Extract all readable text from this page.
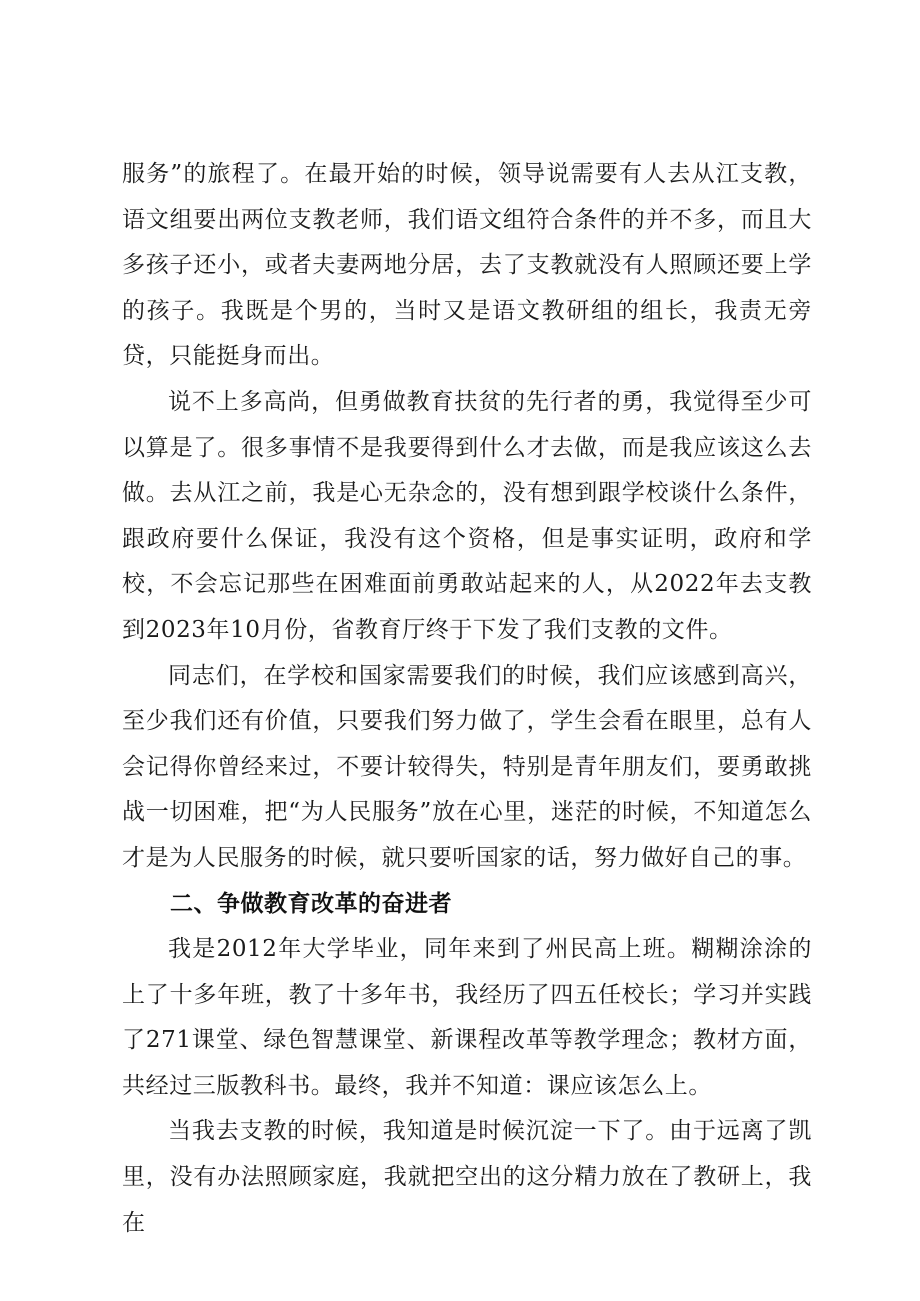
服务”的旅程了。在最开始的时候，领导说需要有人去从江支教，语文组要出两位支教老师，我们语文组符合条件的并不多，而且大多孩子还小，或者夫妻两地分居，去了支教就没有人照顾还要上学的孩子。我既是个男的，当时又是语文教研组的组长，我责无旁贷，只能挺身而出。

说不上多高尚，但勇做教育扶贫的先行者的勇，我觉得至少可以算是了。很多事情不是我要得到什么才去做，而是我应该这么去做。去从江之前，我是心无杂念的，没有想到跟学校谈什么条件，跟政府要什么保证，我没有这个资格，但是事实证明，政府和学校，不会忘记那些在困难面前勇敢站起来的人，从2022年去支教到2023年10月份，省教育厅终于下发了我们支教的文件。

同志们，在学校和国家需要我们的时候，我们应该感到高兴，至少我们还有价值，只要我们努力做了，学生会看在眼里，总有人会记得你曾经来过，不要计较得失，特别是青年朋友们，要勇敢挑战一切困难，把“为人民服务”放在心里，迷茫的时候，不知道怎么才是为人民服务的时候，就只要听国家的话，努力做好自己的事。

二、争做教育改革的奋进者

我是2012年大学毕业，同年来到了州民高上班。糊糊涂涂的上了十多年班，教了十多年书，我经历了四五任校长；学习并实践了271课堂、绿色智慧课堂、新课程改革等教学理念；教材方面，共经过三版教科书。最终，我并不知道：课应该怎么上。

当我去支教的时候，我知道是时候沉淀一下了。由于远离了凯里，没有办法照顾家庭，我就把空出的这分精力放在了教研上，我在
